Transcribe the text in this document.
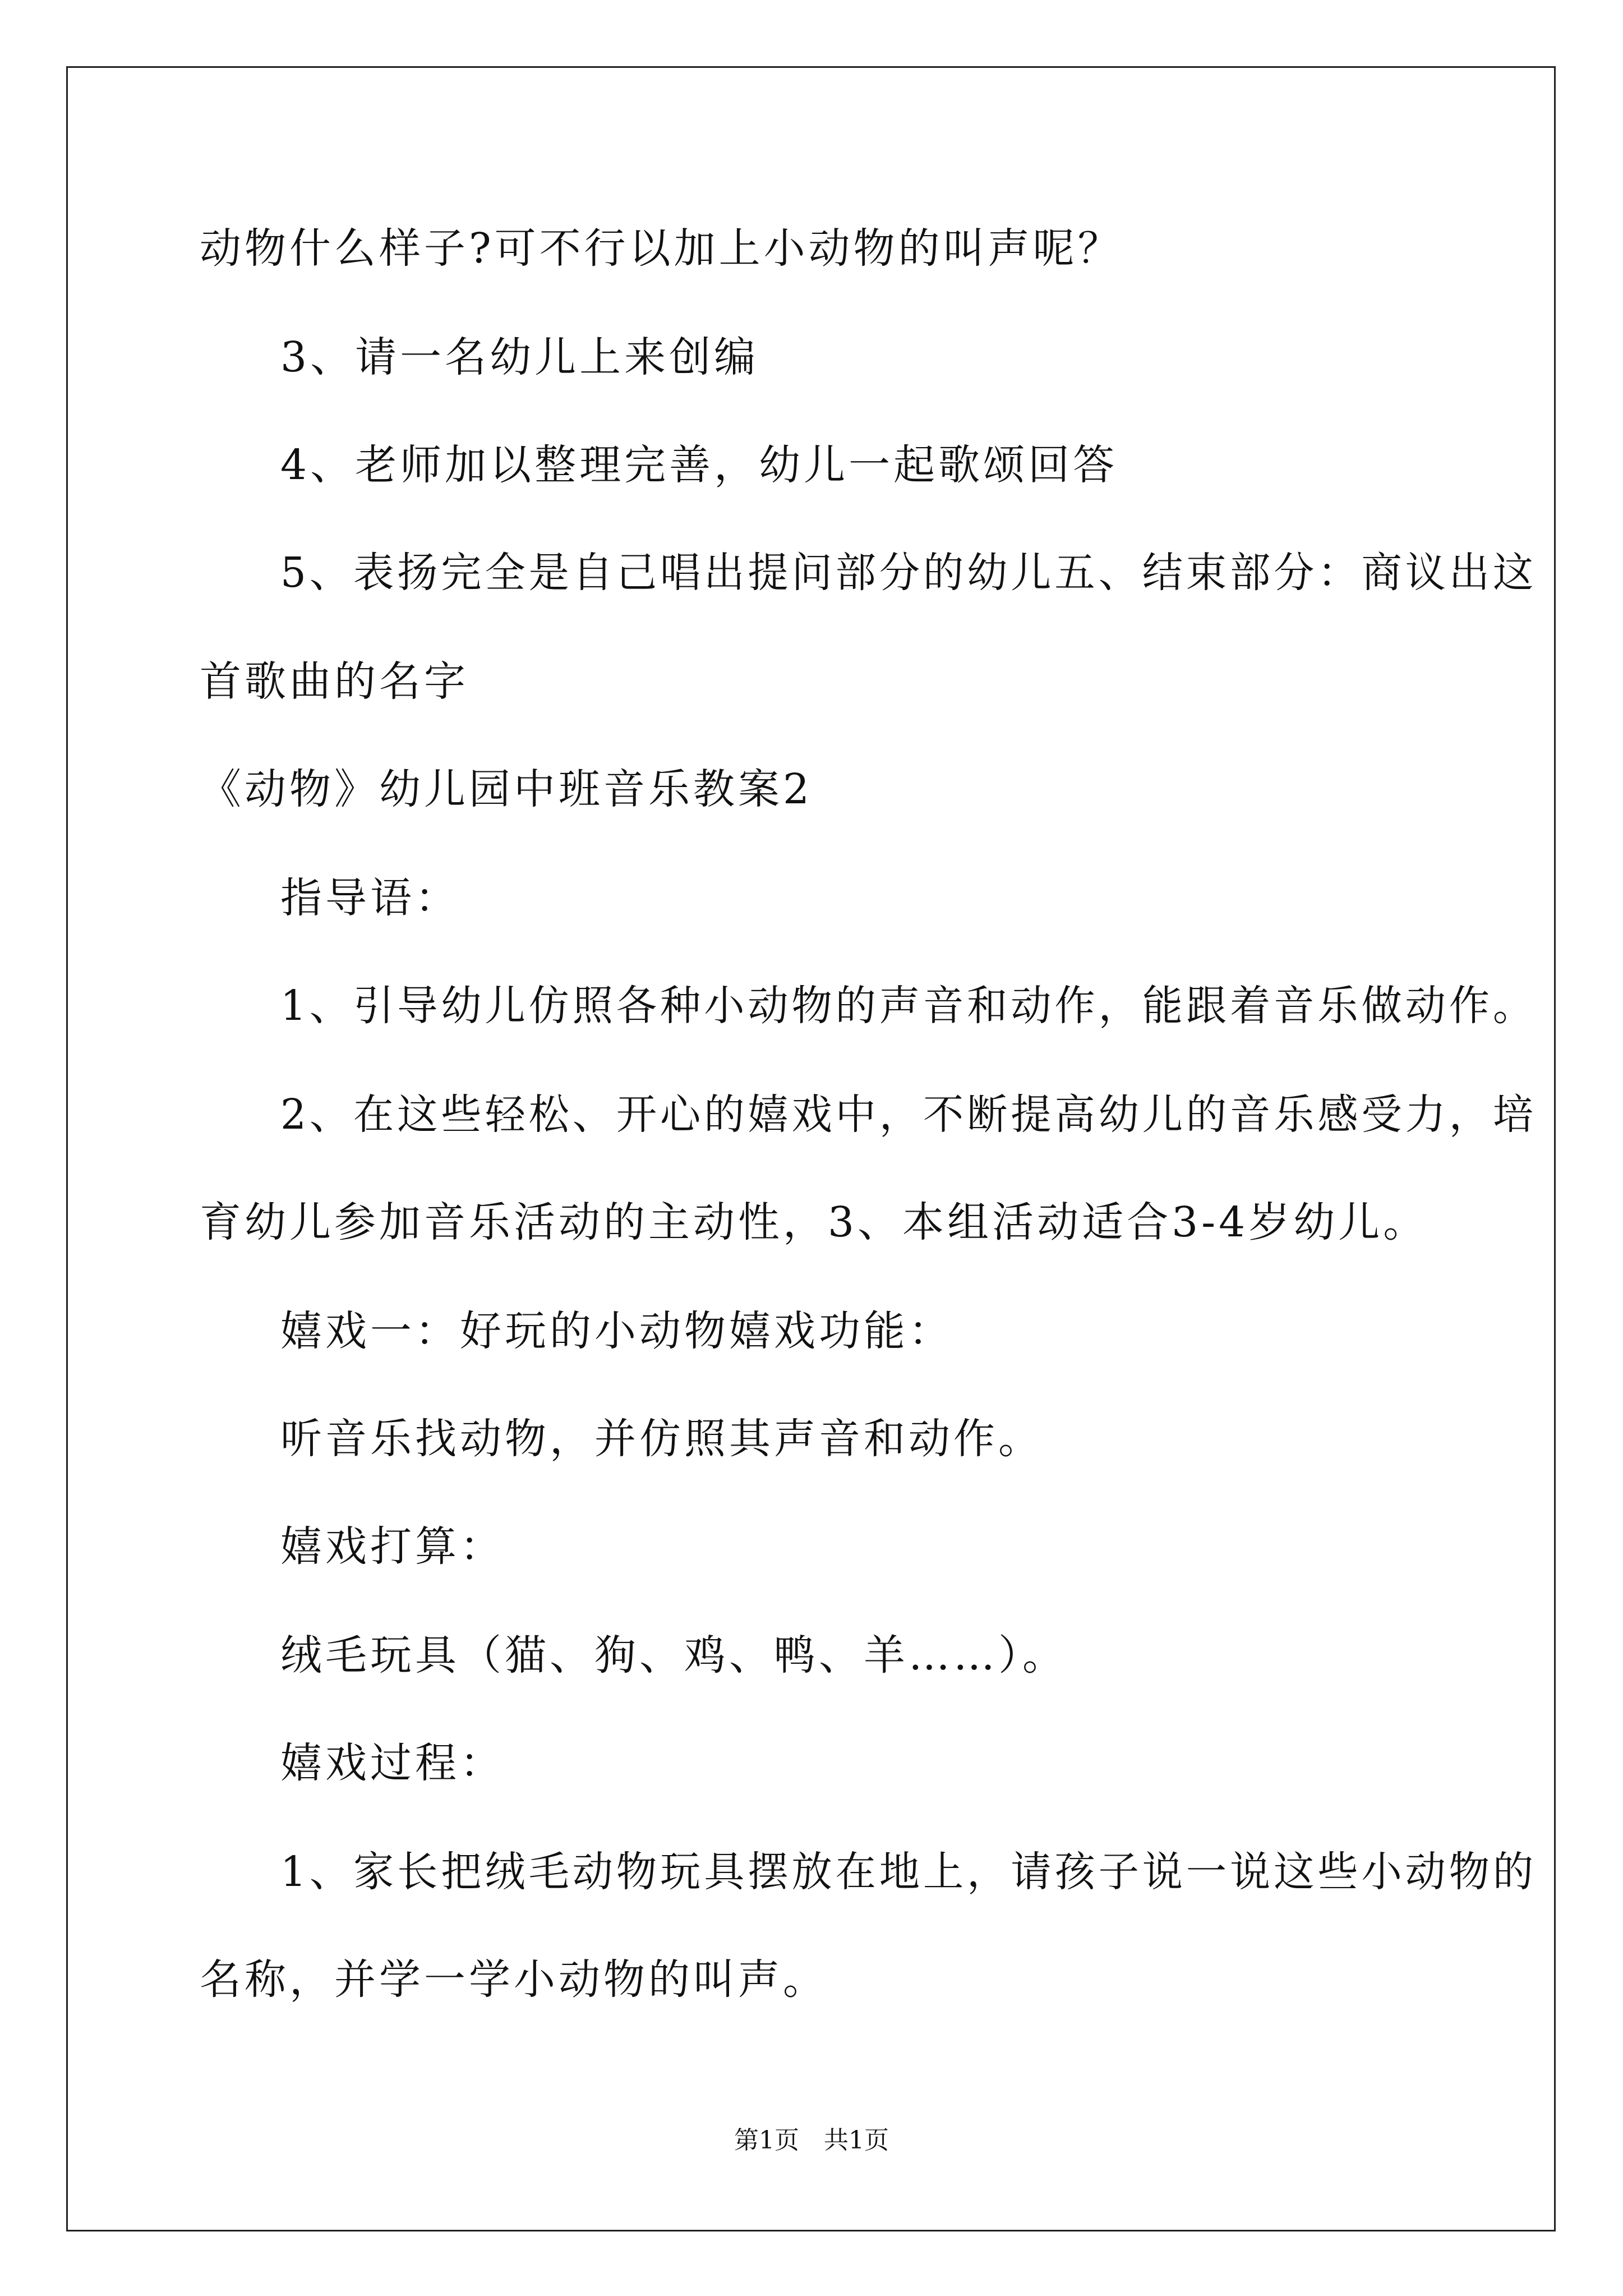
动物什么样子?可不行以加上小动物的叫声呢？
3、请一名幼儿上来创编
4、老师加以整理完善，幼儿一起歌颂回答
5、表扬完全是自己唱出提问部分的幼儿五、结束部分：商议出这
首歌曲的名字
《动物》幼儿园中班音乐教案2
指导语：
1、引导幼儿仿照各种小动物的声音和动作，能跟着音乐做动作。
2、在这些轻松、开心的嬉戏中，不断提高幼儿的音乐感受力，培
育幼儿参加音乐活动的主动性，3、本组活动适合3-4岁幼儿。
嬉戏一：好玩的小动物嬉戏功能：
听音乐找动物，并仿照其声音和动作。
嬉戏打算：
绒毛玩具（猫、狗、鸡、鸭、羊……）。
嬉戏过程：
1、家长把绒毛动物玩具摆放在地上，请孩子说一说这些小动物的
名称，并学一学小动物的叫声。
第1页　共1页
